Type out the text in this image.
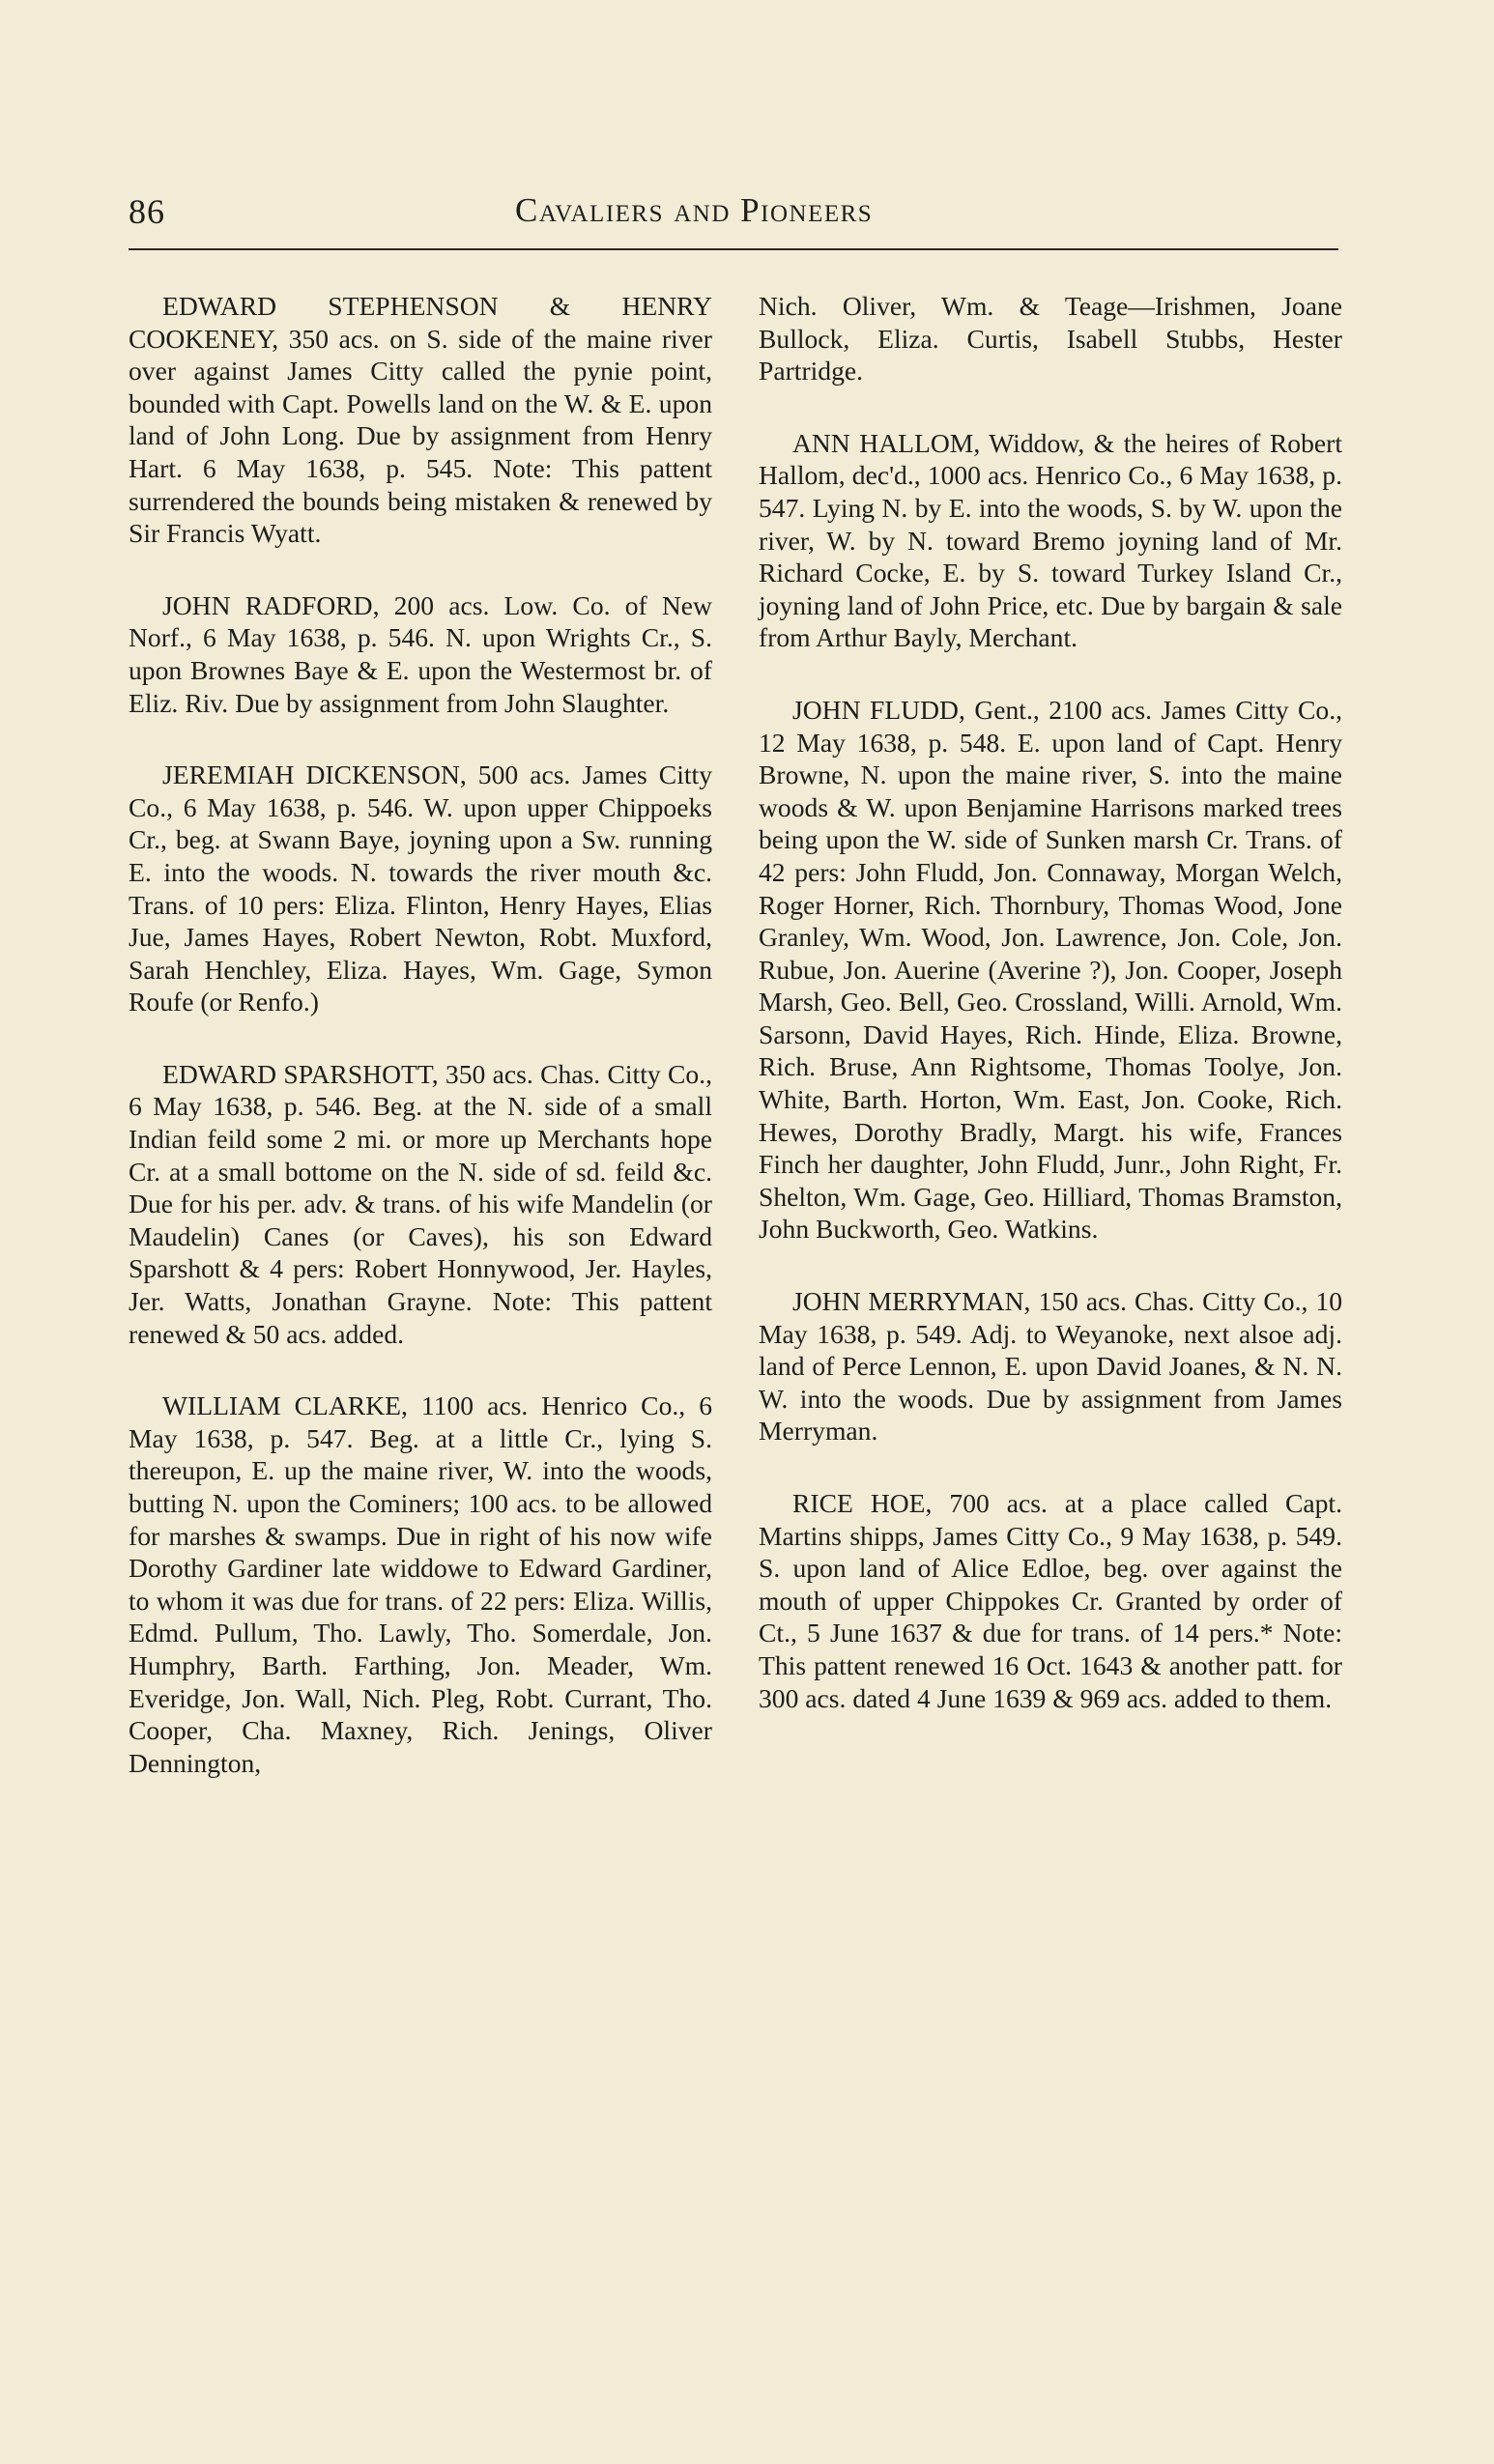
86	Cavaliers and Pioneers

EDWARD STEPHENSON & HENRY COOKENEY, 350 acs. on S. side of the maine river over against James Citty called the pynie point, bounded with Capt. Powells land on the W. & E. upon land of John Long. Due by assignment from Henry Hart. 6 May 1638, p. 545. Note: This pattent surrendered the bounds being mistaken & renewed by Sir Francis Wyatt.

JOHN RADFORD, 200 acs. Low. Co. of New Norf., 6 May 1638, p. 546. N. upon Wrights Cr., S. upon Brownes Baye & E. upon the Westermost br. of Eliz. Riv. Due by assignment from John Slaughter.

JEREMIAH DICKENSON, 500 acs. James Citty Co., 6 May 1638, p. 546. W. upon upper Chippoeks Cr., beg. at Swann Baye, joyning upon a Sw. running E. into the woods. N. towards the river mouth &c. Trans. of 10 pers: Eliza. Flinton, Henry Hayes, Elias Jue, James Hayes, Robert Newton, Robt. Muxford, Sarah Henchley, Eliza. Hayes, Wm. Gage, Symon Roufe (or Renfo.)

EDWARD SPARSHOTT, 350 acs. Chas. Citty Co., 6 May 1638, p. 546. Beg. at the N. side of a small Indian feild some 2 mi. or more up Merchants hope Cr. at a small bottome on the N. side of sd. feild &c. Due for his per. adv. & trans. of his wife Mandelin (or Maudelin) Canes (or Caves), his son Edward Sparshott & 4 pers: Robert Honnywood, Jer. Hayles, Jer. Watts, Jonathan Grayne. Note: This pattent renewed & 50 acs. added.

WILLIAM CLARKE, 1100 acs. Henrico Co., 6 May 1638, p. 547. Beg. at a little Cr., lying S. thereupon, E. up the maine river, W. into the woods, butting N. upon the Cominers; 100 acs. to be allowed for marshes & swamps. Due in right of his now wife Dorothy Gardiner late widdowe to Edward Gardiner, to whom it was due for trans. of 22 pers: Eliza. Willis, Edmd. Pullum, Tho. Lawly, Tho. Somerdale, Jon. Humphry, Barth. Farthing, Jon. Meader, Wm. Everidge, Jon. Wall, Nich. Pleg, Robt. Currant, Tho. Cooper, Cha. Maxney, Rich. Jenings, Oliver Dennington,

Nich. Oliver, Wm. & Teage—Irishmen, Joane Bullock, Eliza. Curtis, Isabell Stubbs, Hester Partridge.

ANN HALLOM, Widdow, & the heires of Robert Hallom, dec'd., 1000 acs. Henrico Co., 6 May 1638, p. 547. Lying N. by E. into the woods, S. by W. upon the river, W. by N. toward Bremo joyning land of Mr. Richard Cocke, E. by S. toward Turkey Island Cr., joyning land of John Price, etc. Due by bargain & sale from Arthur Bayly, Merchant.

JOHN FLUDD, Gent., 2100 acs. James Citty Co., 12 May 1638, p. 548. E. upon land of Capt. Henry Browne, N. upon the maine river, S. into the maine woods & W. upon Benjamine Harrisons marked trees being upon the W. side of Sunken marsh Cr. Trans. of 42 pers: John Fludd, Jon. Connaway, Morgan Welch, Roger Horner, Rich. Thornbury, Thomas Wood, Jone Granley, Wm. Wood, Jon. Lawrence, Jon. Cole, Jon. Rubue, Jon. Auerine (Averine ?), Jon. Cooper, Joseph Marsh, Geo. Bell, Geo. Crossland, Willi. Arnold, Wm. Sarsonn, David Hayes, Rich. Hinde, Eliza. Browne, Rich. Bruse, Ann Rightsome, Thomas Toolye, Jon. White, Barth. Horton, Wm. East, Jon. Cooke, Rich. Hewes, Dorothy Bradly, Margt. his wife, Frances Finch her daughter, John Fludd, Junr., John Right, Fr. Shelton, Wm. Gage, Geo. Hilliard, Thomas Bramston, John Buckworth, Geo. Watkins.

JOHN MERRYMAN, 150 acs. Chas. Citty Co., 10 May 1638, p. 549. Adj. to Weyanoke, next alsoe adj. land of Perce Lennon, E. upon David Joanes, & N. N. W. into the woods. Due by assignment from James Merryman.

RICE HOE, 700 acs. at a place called Capt. Martins shipps, James Citty Co., 9 May 1638, p. 549. S. upon land of Alice Edloe, beg. over against the mouth of upper Chippokes Cr. Granted by order of Ct., 5 June 1637 & due for trans. of 14 pers.* Note: This pattent renewed 16 Oct. 1643 & another patt. for 300 acs. dated 4 June 1639 & 969 acs. added to them.
